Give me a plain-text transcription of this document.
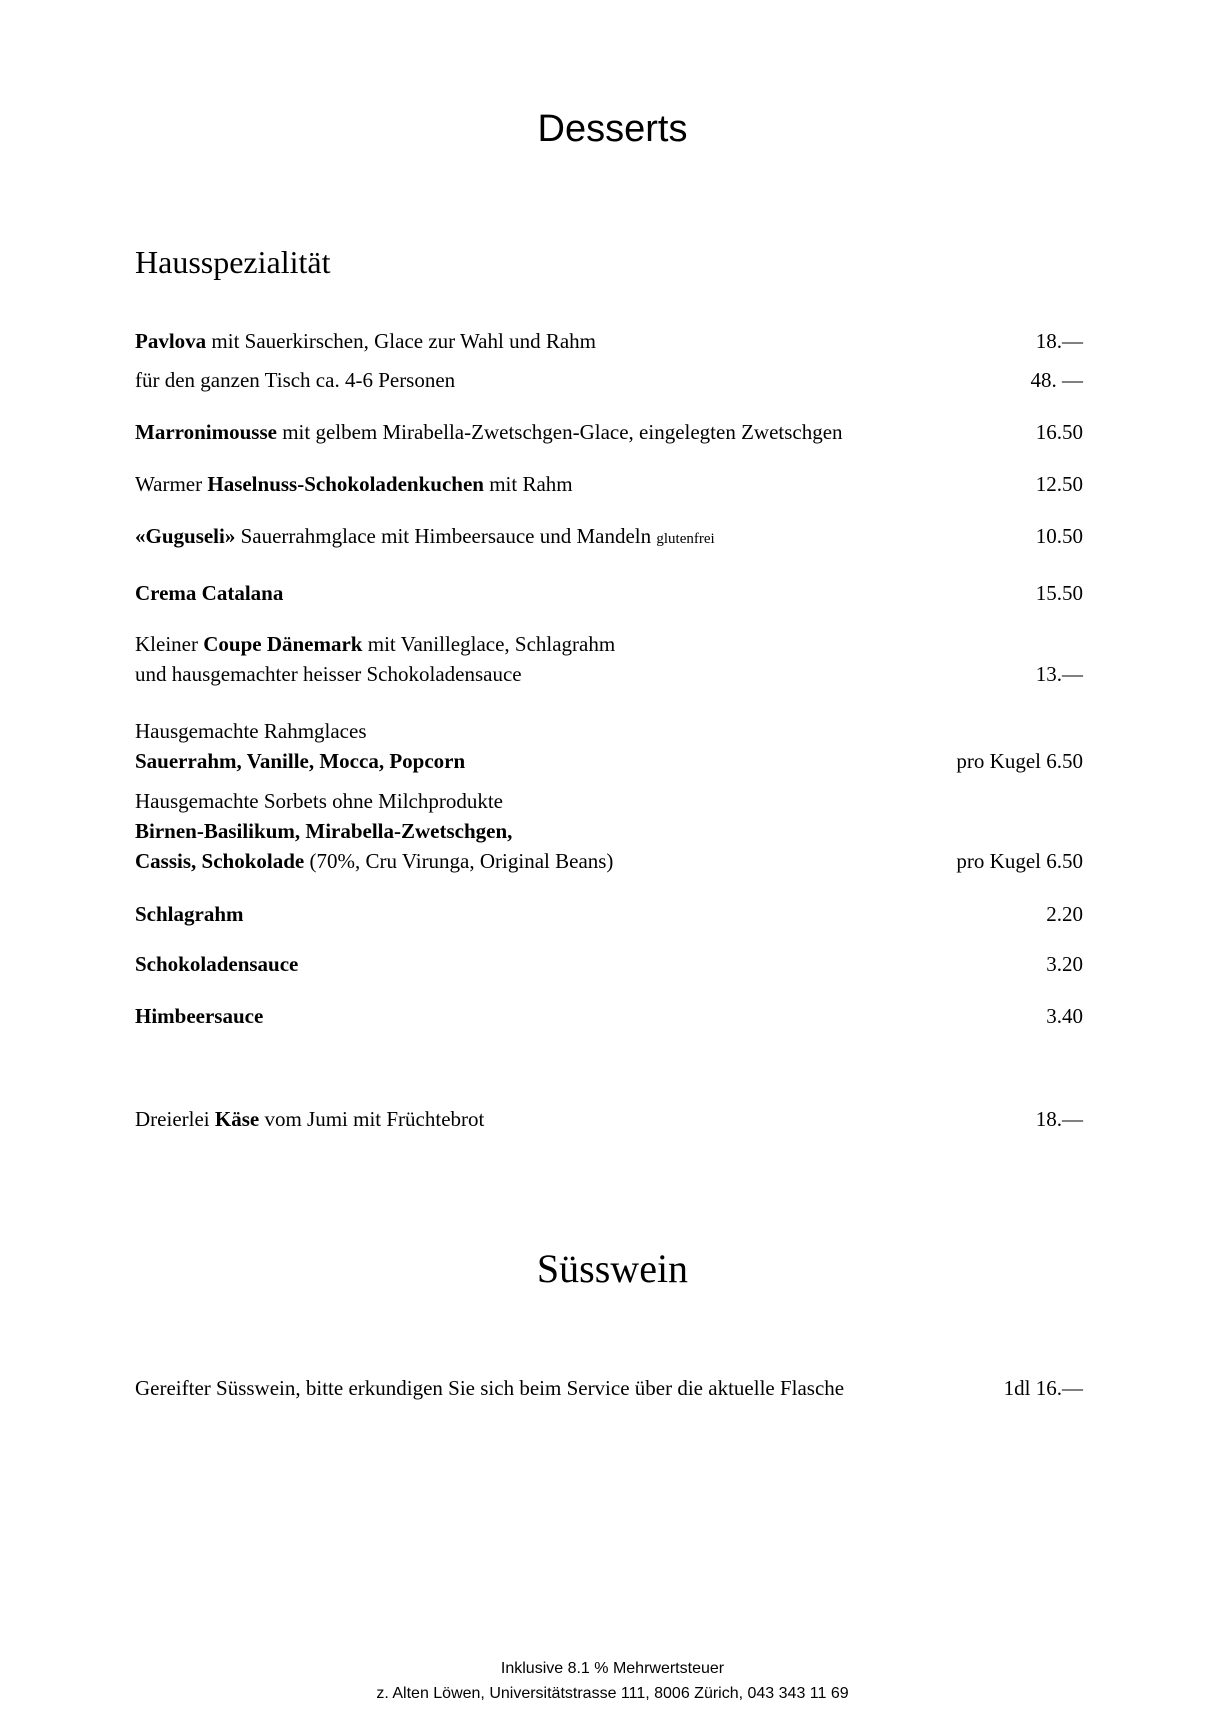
Desserts
Hausspezialität
Pavlova mit Sauerkirschen, Glace zur Wahl und Rahm	18.—
für den ganzen Tisch ca. 4-6 Personen	48. —
Marronimousse mit gelbem Mirabella-Zwetschgen-Glace, eingelegten Zwetschgen	16.50
Warmer Haselnuss-Schokoladenkuchen mit Rahm	12.50
«Guguseli» Sauerrahmglace mit Himbeersauce und Mandeln glutenfrei	10.50
Crema Catalana	15.50
Kleiner Coupe Dänemark mit Vanilleglace, Schlagrahm
und hausgemachter heisser Schokoladensauce	13.—
Hausgemachte Rahmglaces
Sauerrahm, Vanille, Mocca, Popcorn	pro Kugel 6.50
Hausgemachte Sorbets ohne Milchprodukte
Birnen-Basilikum, Mirabella-Zwetschgen,
Cassis, Schokolade (70%, Cru Virunga, Original Beans)	pro Kugel 6.50
Schlagrahm	2.20
Schokoladensauce	3.20
Himbeersauce	3.40
Dreierlei Käse vom Jumi mit Früchtebrot	18.—
Süsswein
Gereifter Süsswein, bitte erkundigen Sie sich beim Service über die aktuelle Flasche	1dl 16.—
Inklusive 8.1 % Mehrwertsteuer
z. Alten Löwen, Universitätstrasse 111, 8006 Zürich, 043 343 11 69
